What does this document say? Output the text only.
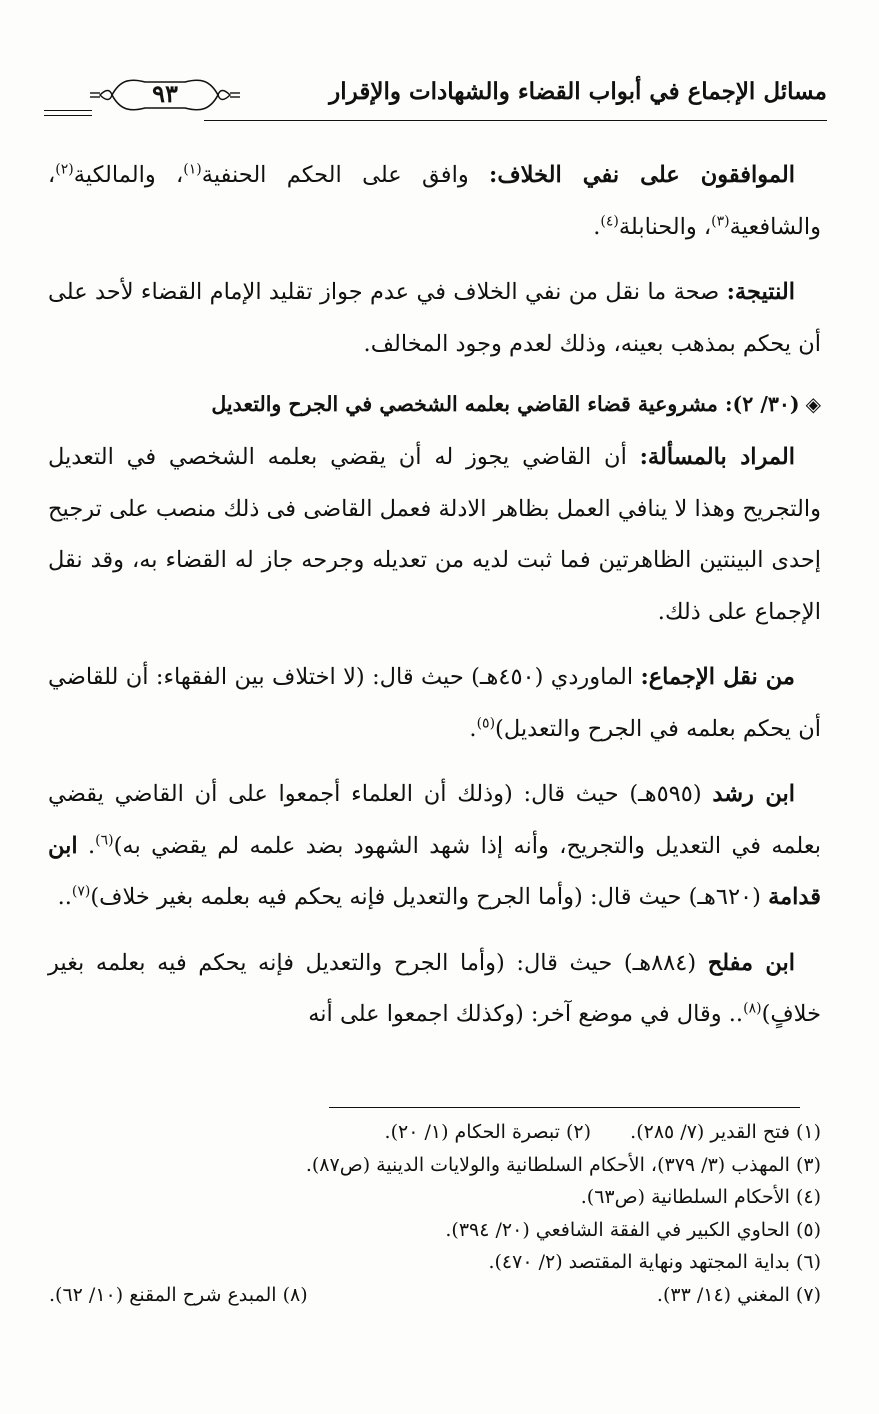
مسائل الإجماع في أبواب القضاء والشهادات والإقرار
٩٣

الموافقون على نفي الخلاف: وافق على الحكم الحنفية$^{(١)}$، والمالكية$^{(٢)}$، والشافعية$^{(٣)}$، والحنابلة$^{(٤)}$.

النتيجة: صحة ما نقل من نفي الخلاف في عدم جواز تقليد الإمام القضاء لأحد على أن يحكم بمذهب بعينه، وذلك لعدم وجود المخالف.

◈(٣٠/ ٢): مشروعية قضاء القاضي بعلمه الشخصي في الجرح والتعديل

المراد بالمسألة: أن القاضي يجوز له أن يقضي بعلمه الشخصي في التعديل والتجريح وهذا لا ينافي العمل بظاهر الادلة فعمل القاضى فى ذلك منصب على ترجيح إحدى البينتين الظاهرتين فما ثبت لديه من تعديله وجرحه جاز له القضاء به، وقد نقل الإجماع على ذلك.

من نقل الإجماع: الماوردي (٤٥٠هـ) حيث قال: (لا اختلاف بين الفقهاء: أن للقاضي أن يحكم بعلمه في الجرح والتعديل)$^{(٥)}$.

ابن رشد (٥٩٥هـ) حيث قال: (وذلك أن العلماء أجمعوا على أن القاضي يقضي بعلمه في التعديل والتجريح، وأنه إذا شهد الشهود بضد علمه لم يقضي به)$^{(٦)}$. ابن قدامة (٦٢٠هـ) حيث قال: (وأما الجرح والتعديل فإنه يحكم فيه بعلمه بغير خلاف)$^{(٧)}$..

ابن مفلح (٨٨٤هـ) حيث قال: (وأما الجرح والتعديل فإنه يحكم فيه بعلمه بغير خلافٍ)$^{(٨)}$.. وقال في موضع آخر: (وكذلك اجمعوا على أنه

(١) فتح القدير (٧/ ٢٨٥).
(٢) تبصرة الحكام (١/ ٢٠).
(٣) المهذب (٣/ ٣٧٩)، الأحكام السلطانية والولايات الدينية (ص٨٧).
(٤) الأحكام السلطانية (ص٦٣).
(٥) الحاوي الكبير في الفقة الشافعي (٢٠/ ٣٩٤).
(٦) بداية المجتهد ونهاية المقتصد (٢/ ٤٧٠).
(٧) المغني (١٤/ ٣٣).
(٨) المبدع شرح المقنع (١٠/ ٦٢).
